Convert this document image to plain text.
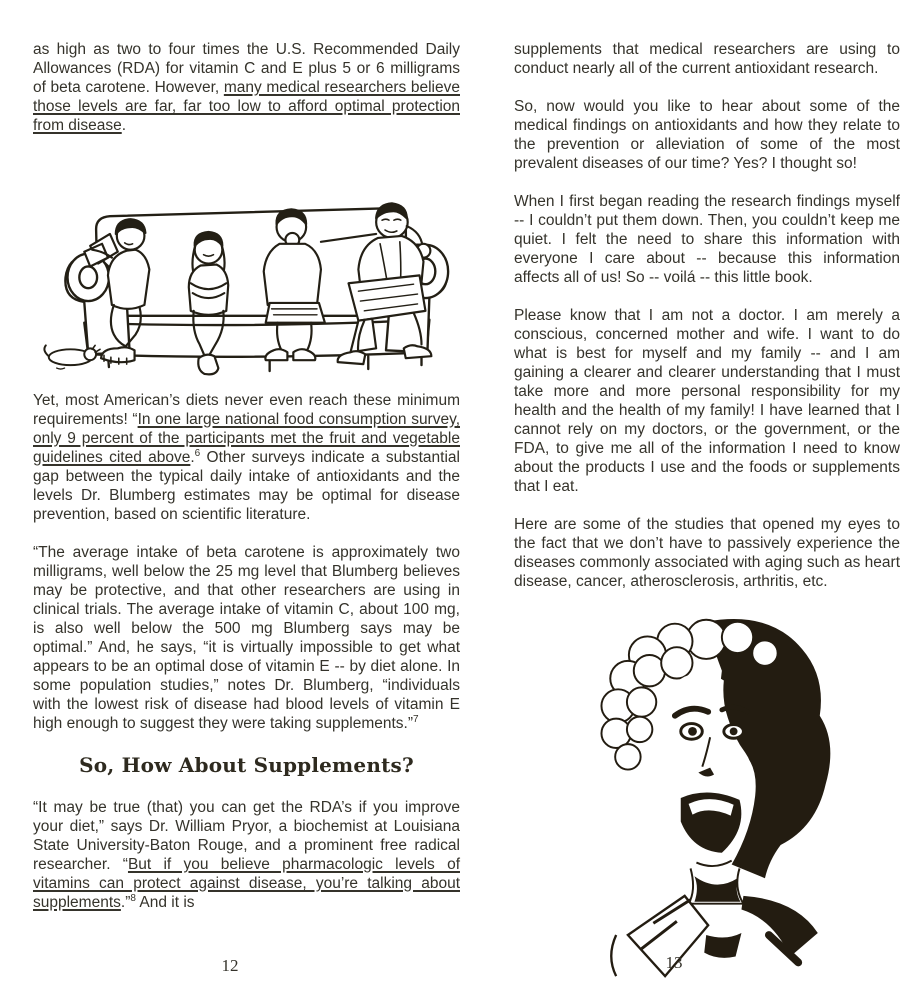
as high as two to four times the U.S. Recommended Daily Allowances (RDA) for vitamin C and E plus 5 or 6 milligrams of beta carotene. However, many medical researchers believe those levels are far, far too low to afford optimal protection from disease.

Yet, most American’s diets never even reach these minimum requirements! “In one large national food consumption survey, only 9 percent of the participants met the fruit and vegetable guidelines cited above.$^6$ Other surveys indicate a substantial gap between the typical daily intake of antioxidants and the levels Dr. Blumberg estimates may be optimal for disease prevention, based on scientific literature.

“The average intake of beta carotene is approximately two milligrams, well below the 25 mg level that Blumberg believes may be protective, and that other researchers are using in clinical trials. The average intake of vitamin C, about 100 mg, is also well below the 500 mg Blumberg says may be optimal.” And, he says, “it is virtually impossible to get what appears to be an optimal dose of vitamin E -- by diet alone. In some population studies,” notes Dr. Blumberg, “individuals with the lowest risk of disease had blood levels of vitamin E high enough to suggest they were taking supplements.”$^7$

So, How About Supplements?

“It may be true (that) you can get the RDA’s if you improve your diet,” says Dr. William Pryor, a biochemist at Louisiana State University-Baton Rouge, and a prominent free radical researcher. “But if you believe pharmacologic levels of vitamins can protect against disease, you’re talking about supplements.”$^8$ And it is

supplements that medical researchers are using to conduct nearly all of the current antioxidant research.

So, now would you like to hear about some of the medical findings on antioxidants and how they relate to the prevention or alleviation of some of the most prevalent diseases of our time? Yes? I thought so!

When I first began reading the research findings myself -- I couldn’t put them down. Then, you couldn’t keep me quiet. I felt the need to share this information with everyone I care about -- because this information affects all of us! So -- voilá -- this little book.

Please know that I am not a doctor. I am merely a conscious, concerned mother and wife. I want to do what is best for myself and my family -- and I am gaining a clearer and clearer understanding that I must take more and more personal responsibility for my health and the health of my family! I have learned that I cannot rely on my doctors, or the government, or the FDA, to give me all of the information I need to know about the products I use and the foods or supplements that I eat.

Here are some of the studies that opened my eyes to the fact that we don’t have to passively experience the diseases commonly associated with aging such as heart disease, cancer, atherosclerosis, arthritis, etc.

12	13
